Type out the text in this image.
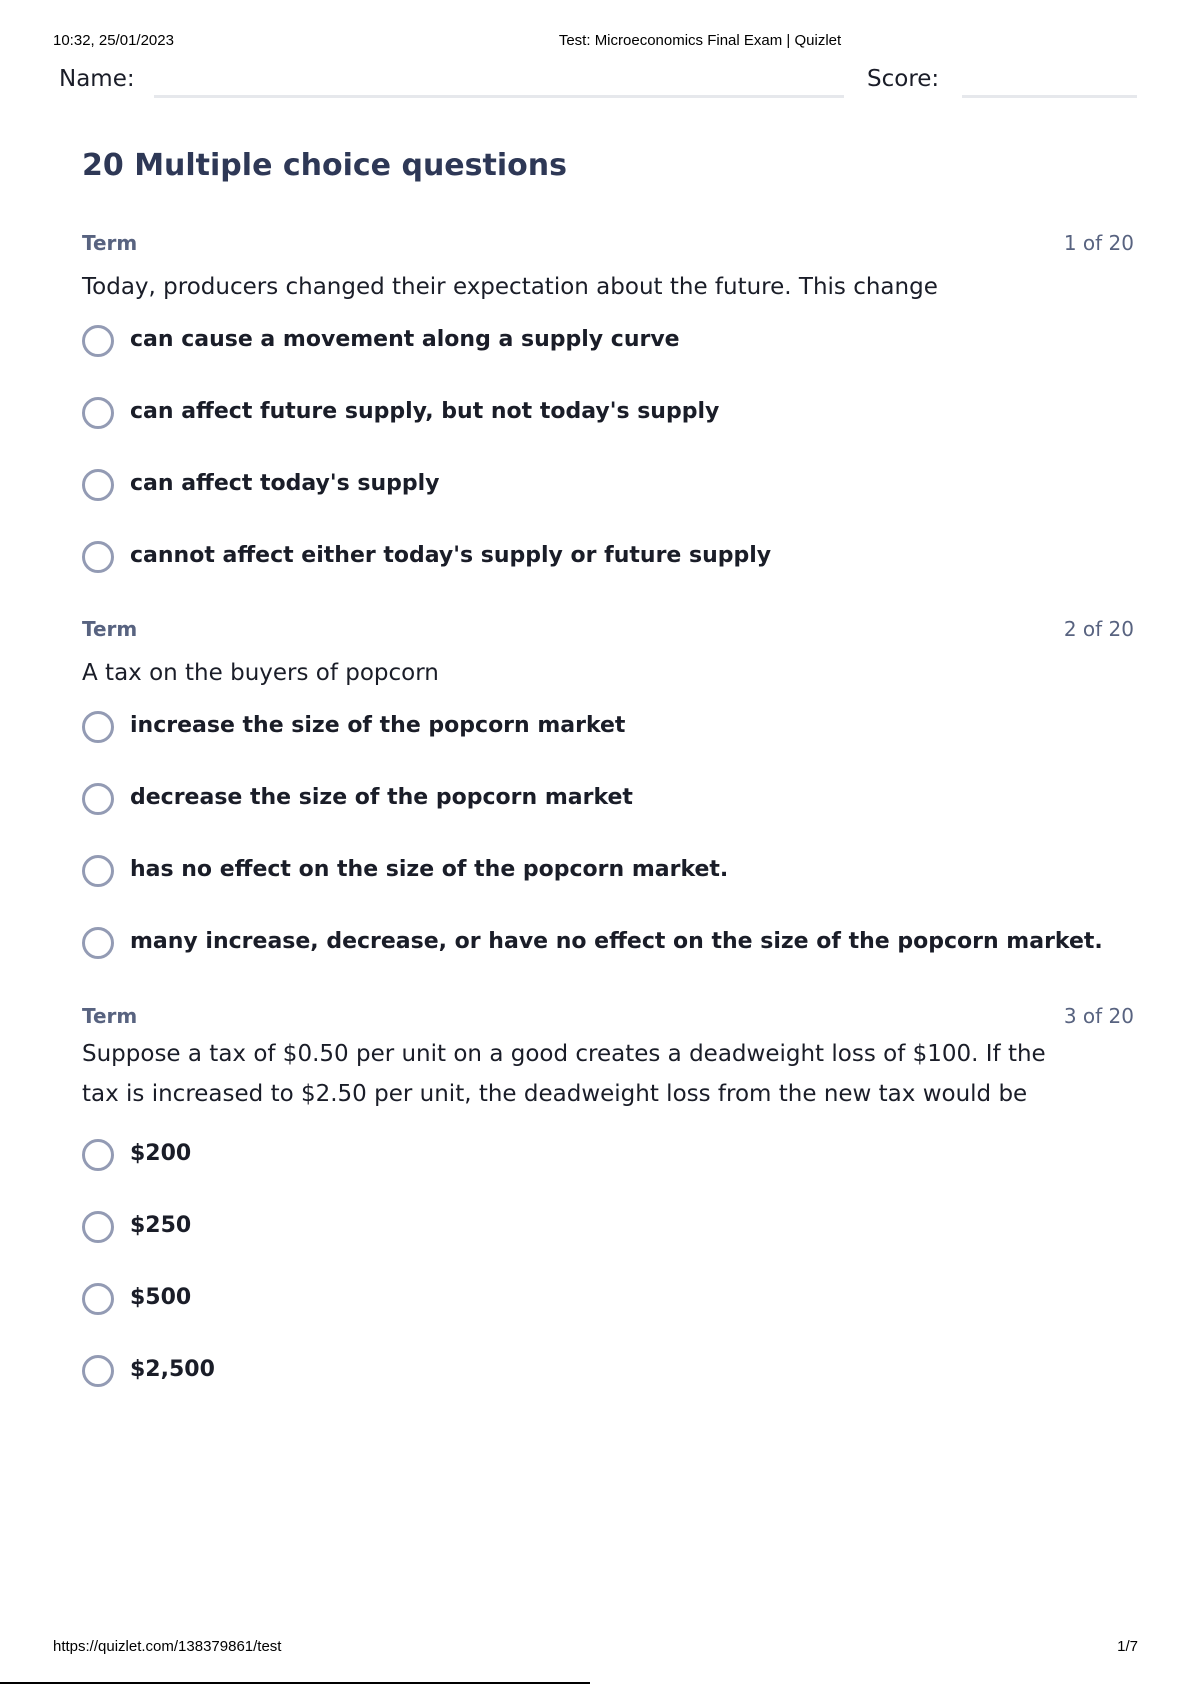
10:32, 25/01/2023	Test: Microeconomics Final Exam | Quizlet
Name:	Score:
20 Multiple choice questions
Term	1 of 20
Today, producers changed their expectation about the future. This change
can cause a movement along a supply curve
can affect future supply, but not today's supply
can affect today's supply
cannot affect either today's supply or future supply
Term	2 of 20
A tax on the buyers of popcorn
increase the size of the popcorn market
decrease the size of the popcorn market
has no effect on the size of the popcorn market.
many increase, decrease, or have no effect on the size of the popcorn market.
Term	3 of 20
Suppose a tax of $0.50 per unit on a good creates a deadweight loss of $100. If the tax is increased to $2.50 per unit, the deadweight loss from the new tax would be
$200
$250
$500
$2,500
https://quizlet.com/138379861/test	1/7
